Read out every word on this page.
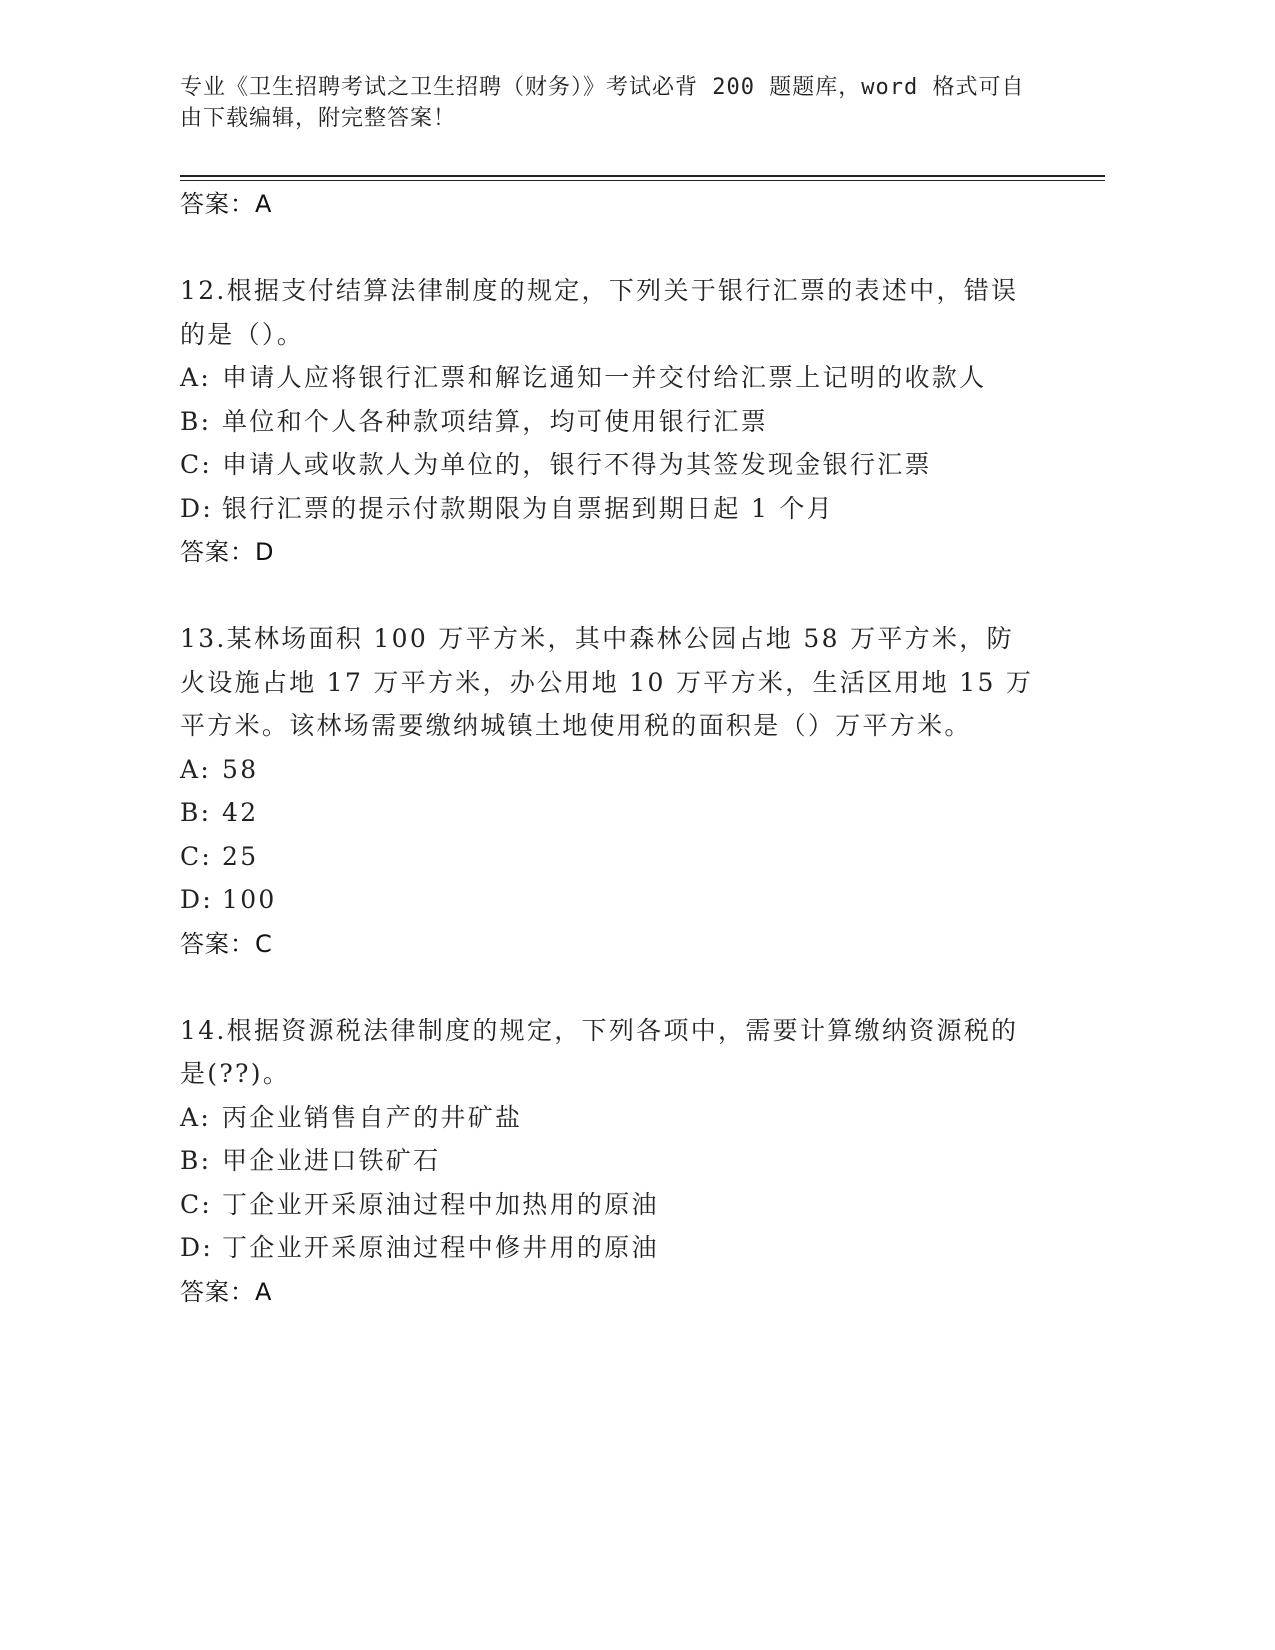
专业《卫生招聘考试之卫生招聘（财务）》考试必背 200 题题库，word 格式可自由下载编辑，附完整答案！
答案：A
12.根据支付结算法律制度的规定，下列关于银行汇票的表述中，错误的是（）。
A: 申请人应将银行汇票和解讫通知一并交付给汇票上记明的收款人
B: 单位和个人各种款项结算，均可使用银行汇票
C: 申请人或收款人为单位的，银行不得为其签发现金银行汇票
D: 银行汇票的提示付款期限为自票据到期日起 1 个月
答案：D
13.某林场面积 100 万平方米，其中森林公园占地 58 万平方米，防火设施占地 17 万平方米，办公用地 10 万平方米，生活区用地 15 万平方米。该林场需要缴纳城镇土地使用税的面积是（）万平方米。
A: 58
B: 42
C: 25
D: 100
答案：C
14.根据资源税法律制度的规定，下列各项中，需要计算缴纳资源税的是(??)。
A: 丙企业销售自产的井矿盐
B: 甲企业进口铁矿石
C: 丁企业开采原油过程中加热用的原油
D: 丁企业开采原油过程中修井用的原油
答案：A
